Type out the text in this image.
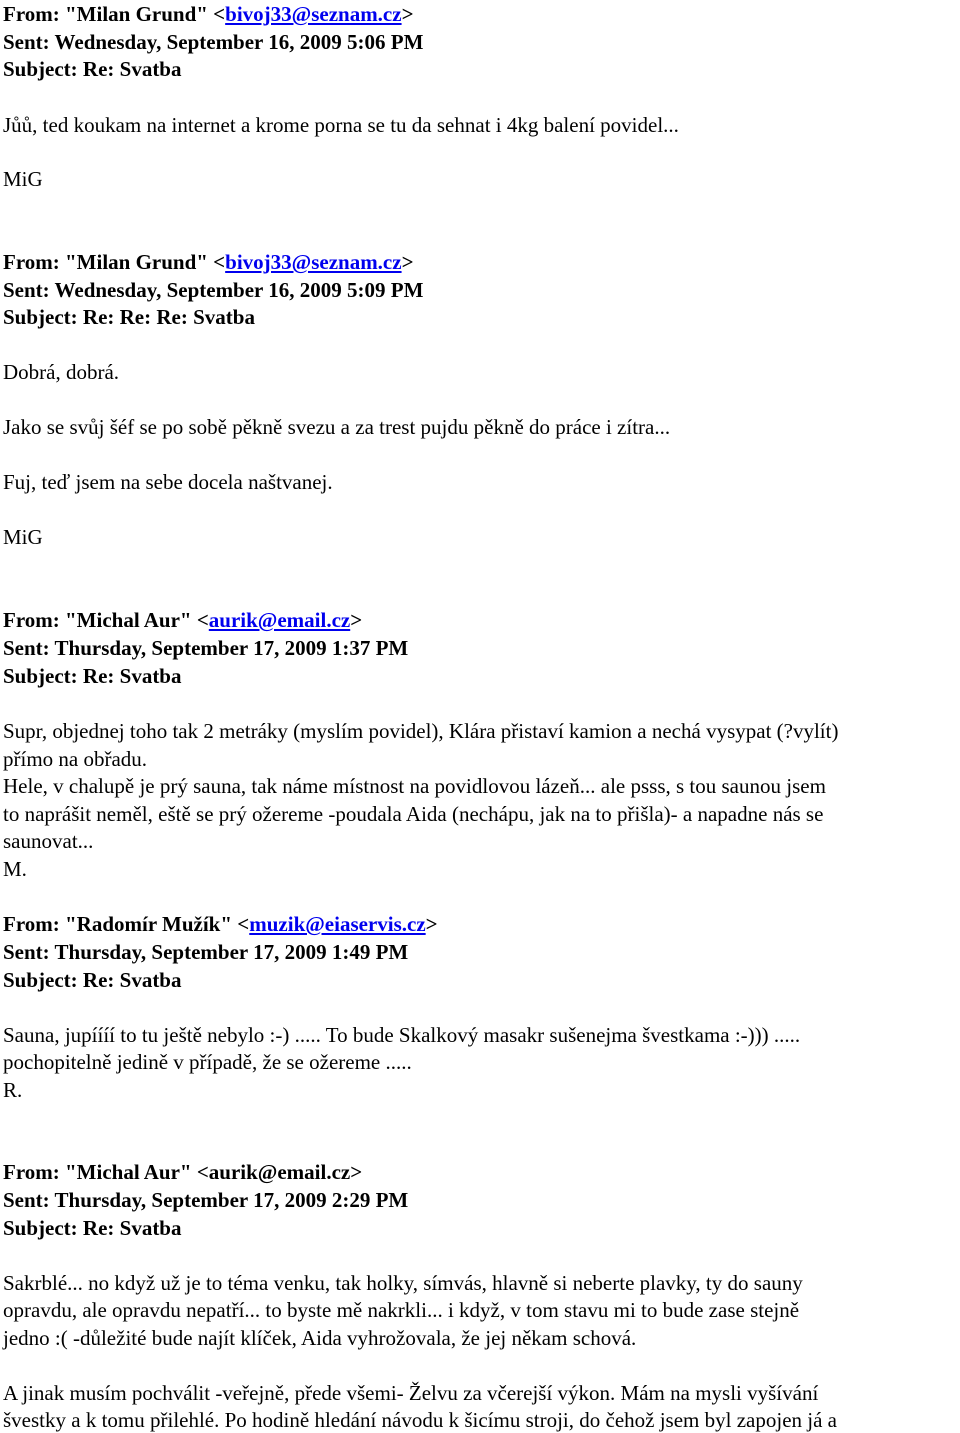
From: "Milan Grund" <bivoj33@seznam.cz>
Sent: Wednesday, September 16, 2009 5:06 PM
Subject: Re: Svatba
Jůů, ted koukam na internet a krome porna se tu da sehnat i 4kg balení povidel...
MiG
From: "Milan Grund" <bivoj33@seznam.cz>
Sent: Wednesday, September 16, 2009 5:09 PM
Subject: Re: Re: Re: Svatba
Dobrá, dobrá.
Jako se svůj šéf se po sobě pěkně svezu a za trest pujdu pěkně do práce i zítra...
Fuj, teď jsem na sebe docela naštvanej.
MiG
From: "Michal Aur" <aurik@email.cz>
Sent: Thursday, September 17, 2009 1:37 PM
Subject: Re: Svatba
Supr, objednej toho tak 2 metráky (myslím povidel), Klára přistaví kamion a nechá vysypat (?vylít)
přímo na obřadu.
Hele, v chalupě je prý sauna, tak náme místnost na povidlovou lázeň... ale psss, s tou saunou jsem
to naprášit neměl, eště se prý ožereme -poudala Aida (nechápu, jak na to přišla)- a napadne nás se
saunovat...
M.
From: "Radomír Mužík" <muzik@eiaservis.cz>
Sent: Thursday, September 17, 2009 1:49 PM
Subject: Re: Svatba
Sauna, jupíííí to tu ještě nebylo :-) ..... To bude Skalkový masakr sušenejma švestkama :-))) .....
pochopitelně jedině v případě, že se ožereme .....
R.
From: "Michal Aur" <aurik@email.cz>
Sent: Thursday, September 17, 2009 2:29 PM
Subject: Re: Svatba
Sakrblé... no když už je to téma venku, tak holky, símvás, hlavně si neberte plavky, ty do sauny
opravdu, ale opravdu nepatří... to byste mě nakrkli... i když, v tom stavu mi to bude zase stejně
jedno :( -důležité bude najít klíček, Aida vyhrožovala, že jej někam schová.
A jinak musím pochválit -veřejně, přede všemi- Želvu za včerejší výkon. Mám na mysli vyšívání
švestky a k tomu přilehlé. Po hodině hledání návodu k šicímu stroji, do čehož jsem byl zapojen já a
